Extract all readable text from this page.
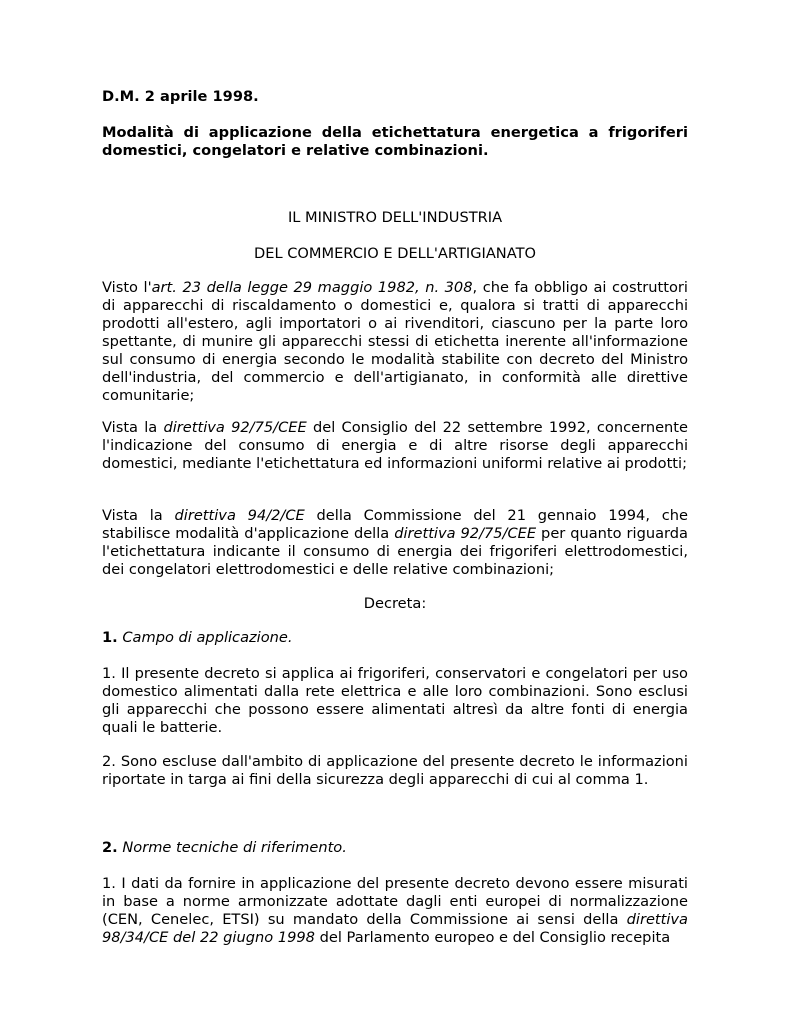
D.M. 2 aprile 1998.
Modalità di applicazione della etichettatura energetica a frigoriferi domestici, congelatori e relative combinazioni.
IL MINISTRO DELL'INDUSTRIA
DEL COMMERCIO E DELL'ARTIGIANATO

Visto l'art. 23 della legge 29 maggio 1982, n. 308, che fa obbligo ai costruttori di apparecchi di riscaldamento o domestici e, qualora si tratti di apparecchi prodotti all'estero, agli importatori o ai rivenditori, ciascuno per la parte loro spettante, di munire gli apparecchi stessi di etichetta inerente all'informazione sul consumo di energia secondo le modalità stabilite con decreto del Ministro dell'industria, del commercio e dell'artigianato, in conformità alle direttive comunitarie;

Vista la direttiva 92/75/CEE del Consiglio del 22 settembre 1992, concernente l'indicazione del consumo di energia e di altre risorse degli apparecchi domestici, mediante l'etichettatura ed informazioni uniformi relative ai prodotti;

Vista la direttiva 94/2/CE della Commissione del 21 gennaio 1994, che stabilisce modalità d'applicazione della direttiva 92/75/CEE per quanto riguarda l'etichettatura indicante il consumo di energia dei frigoriferi elettrodomestici, dei congelatori elettrodomestici e delle relative combinazioni;

Decreta:
1. Campo di applicazione.

1. Il presente decreto si applica ai frigoriferi, conservatori e congelatori per uso domestico alimentati dalla rete elettrica e alle loro combinazioni. Sono esclusi gli apparecchi che possono essere alimentati altresì da altre fonti di energia quali le batterie.

2. Sono escluse dall'ambito di applicazione del presente decreto le informazioni riportate in targa ai fini della sicurezza degli apparecchi di cui al comma 1.

2. Norme tecniche di riferimento.

1. I dati da fornire in applicazione del presente decreto devono essere misurati in base a norme armonizzate adottate dagli enti europei di normalizzazione (CEN, Cenelec, ETSI) su mandato della Commissione ai sensi della direttiva 98/34/CE del 22 giugno 1998 del Parlamento europeo e del Consiglio recepita
